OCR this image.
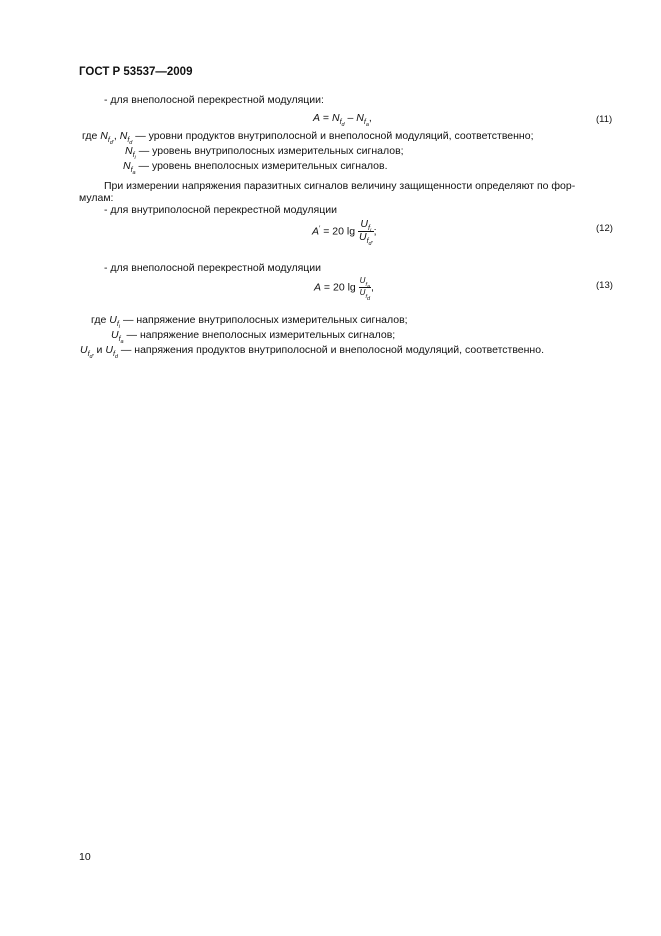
ГОСТ Р 53537—2009
- для внеполосной перекрестной модуляции:
$A = N_{f_d} - N_{f_a}$,	(11)
где $N_{f_{d'}}$, $N_{f_d}$ — уровни продуктов внутриполосной и внеполосной модуляций, соответственно;
$N_{f_i}$ — уровень внутриполосных измерительных сигналов;
$N_{f_a}$ — уровень внеполосных измерительных сигналов.
При измерении напряжения паразитных сигналов величину защищенности определяют по фор-
мулам:
- для внутриполосной перекрестной модуляции
A′ = 20 $\lg \frac{U_{f_i}}{U_{f_{d'}}}$ ;	(12)
- для внеполосной перекрестной модуляции
A = 20 $\lg \frac{U_{fa}}{U_{fd}}$ ,	(13)
где $U_{f_i}$ — напряжение внутриполосных измерительных сигналов;
$U_{f_a}$ — напряжение внеполосных измерительных сигналов;
$U_{f_{d'}}$ и $U_{f_d}$ — напряжения продуктов внутриполосной и внеполосной модуляций, соответственно.
10
